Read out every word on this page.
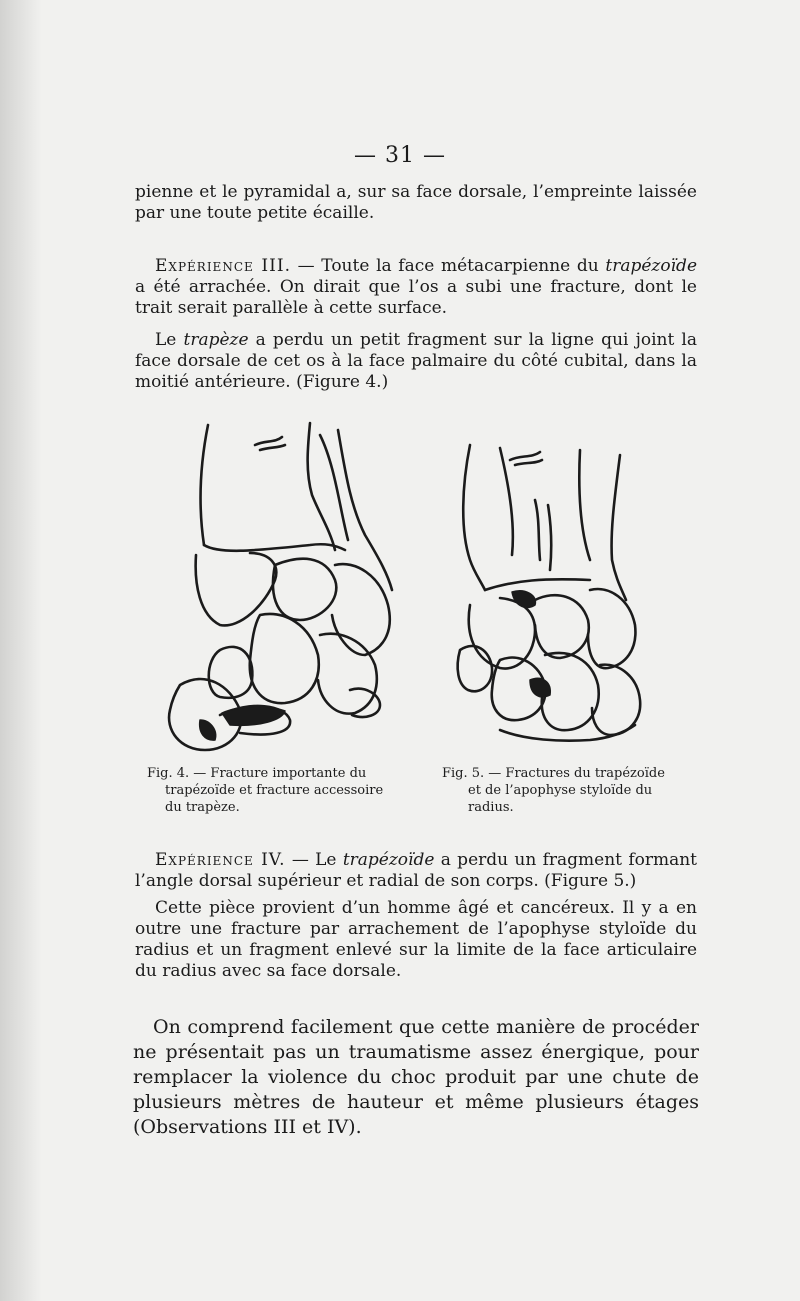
— 31 —

pienne et le pyramidal a, sur sa face dorsale, l’empreinte laissée par une toute petite écaille.

Expérience III. — Toute la face métacarpienne du trapézoïde a été arrachée. On dirait que l’os a subi une fracture, dont le trait serait parallèle à cette surface.

Le trapèze a perdu un petit fragment sur la ligne qui joint la face dorsale de cet os à la face palmaire du côté cubital, dans la moitié antérieure. (Figure 4.)

Fig. 4. — Fracture importante du

trapézoïde et fracture accessoire
du trapèze.

Fig. 5. — Fractures du trapézoïde

et de l’apophyse styloïde du
radius.

Expérience IV. — Le trapézoïde a perdu un fragment formant l’angle dorsal supérieur et radial de son corps. (Figure 5.)

Cette pièce provient d’un homme âgé et cancéreux. Il y a en outre une fracture par arrachement de l’apophyse styloïde du radius et un fragment enlevé sur la limite de la face articulaire du radius avec sa face dorsale.

On comprend facilement que cette manière de procéder ne présentait pas un traumatisme assez énergique, pour remplacer la violence du choc produit par une chute de plusieurs mètres de hauteur et même plusieurs étages (Observations III et IV).
